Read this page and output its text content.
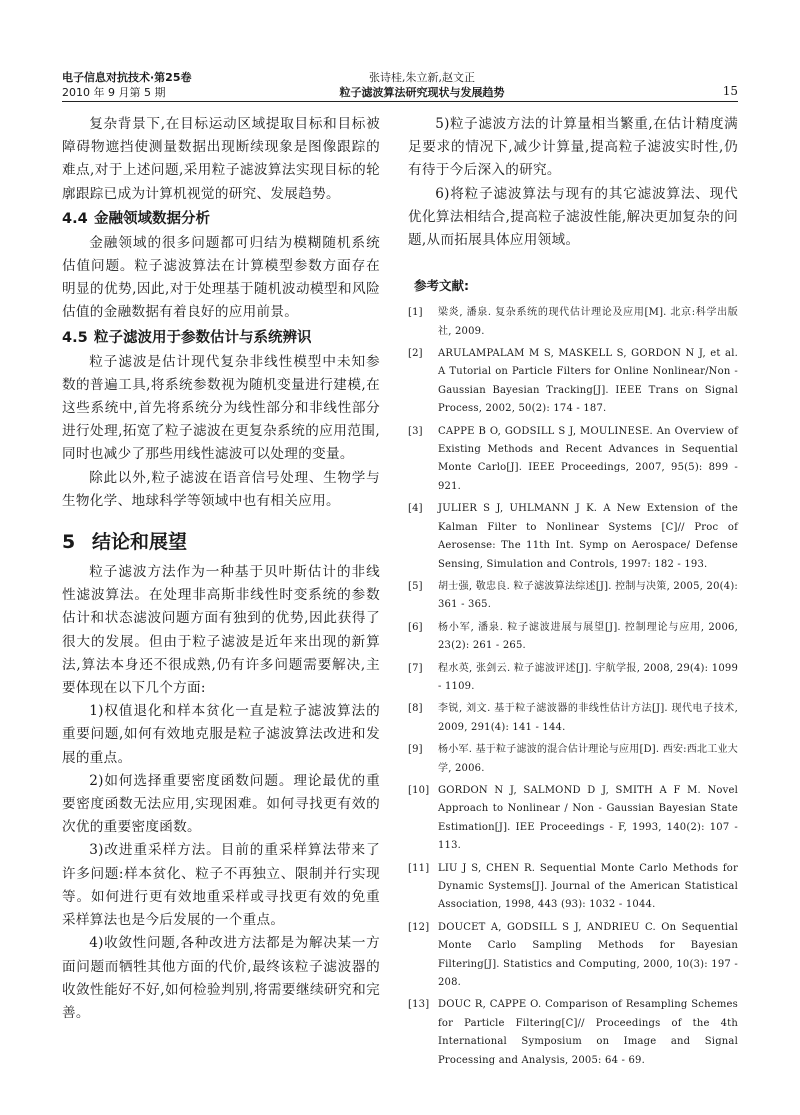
电子信息对抗技术·第25卷
2010 年 9 月第 5 期
张诗桂,朱立新,赵文正
粒子滤波算法研究现状与发展趋势	15

复杂背景下,在目标运动区域提取目标和目标被障碍物遮挡使测量数据出现断续现象是图像跟踪的难点,对于上述问题,采用粒子滤波算法实现目标的轮廓跟踪已成为计算机视觉的研究、发展趋势。

4.4 金融领域数据分析

金融领域的很多问题都可归结为模糊随机系统估值问题。粒子滤波算法在计算模型参数方面存在明显的优势,因此,对于处理基于随机波动模型和风险估值的金融数据有着良好的应用前景。

4.5 粒子滤波用于参数估计与系统辨识

粒子滤波是估计现代复杂非线性模型中未知参数的普遍工具,将系统参数视为随机变量进行建模,在这些系统中,首先将系统分为线性部分和非线性部分进行处理,拓宽了粒子滤波在更复杂系统的应用范围,同时也减少了那些用线性滤波可以处理的变量。

除此以外,粒子滤波在语音信号处理、生物学与生物化学、地球科学等领域中也有相关应用。

5 结论和展望

粒子滤波方法作为一种基于贝叶斯估计的非线性滤波算法。在处理非高斯非线性时变系统的参数估计和状态滤波问题方面有独到的优势,因此获得了很大的发展。但由于粒子滤波是近年来出现的新算法,算法本身还不很成熟,仍有许多问题需要解决,主要体现在以下几个方面:

1)权值退化和样本贫化一直是粒子滤波算法的重要问题,如何有效地克服是粒子滤波算法改进和发展的重点。

2)如何选择重要密度函数问题。理论最优的重要密度函数无法应用,实现困难。如何寻找更有效的次优的重要密度函数。

3)改进重采样方法。目前的重采样算法带来了许多问题:样本贫化、粒子不再独立、限制并行实现等。如何进行更有效地重采样或寻找更有效的免重采样算法也是今后发展的一个重点。

4)收敛性问题,各种改进方法都是为解决某一方面问题而牺牲其他方面的代价,最终该粒子滤波器的收敛性能好不好,如何检验判别,将需要继续研究和完善。

5)粒子滤波方法的计算量相当繁重,在估计精度满足要求的情况下,减少计算量,提高粒子滤波实时性,仍有待于今后深入的研究。

6)将粒子滤波算法与现有的其它滤波算法、现代优化算法相结合,提高粒子滤波性能,解决更加复杂的问题,从而拓展具体应用领域。

参考文献:
[1] 梁炎, 潘泉. 复杂系统的现代估计理论及应用[M]. 北京:科学出版社, 2009.
[2] ARULAMPALAM M S, MASKELL S, GORDON N J, et al. A Tutorial on Particle Filters for Online Nonlinear/Non - Gaussian Bayesian Tracking[J]. IEEE Trans on Signal Process, 2002, 50(2): 174 - 187.
[3] CAPPE B O, GODSILL S J, MOULINESE. An Overview of Existing Methods and Recent Advances in Sequential Monte Carlo[J]. IEEE Proceedings, 2007, 95(5): 899 - 921.
[4] JULIER S J, UHLMANN J K. A New Extension of the Kalman Filter to Nonlinear Systems [C]// Proc of Aerosense: The 11th Int. Symp on Aerospace/ Defense Sensing, Simulation and Controls, 1997: 182 - 193.
[5] 胡士强, 敬忠良. 粒子滤波算法综述[J]. 控制与决策, 2005, 20(4): 361 - 365.
[6] 杨小军, 潘泉. 粒子滤波进展与展望[J]. 控制理论与应用, 2006, 23(2): 261 - 265.
[7] 程水英, 张剑云. 粒子滤波评述[J]. 宇航学报, 2008, 29(4): 1099 - 1109.
[8] 李锐, 刘文. 基于粒子滤波器的非线性估计方法[J]. 现代电子技术, 2009, 291(4): 141 - 144.
[9] 杨小军. 基于粒子滤波的混合估计理论与应用[D]. 西安:西北工业大学, 2006.
[10] GORDON N J, SALMOND D J, SMITH A F M. Novel Approach to Nonlinear / Non - Gaussian Bayesian State Estimation[J]. IEE Proceedings - F, 1993, 140(2): 107 - 113.
[11] LIU J S, CHEN R. Sequential Monte Carlo Methods for Dynamic Systems[J]. Journal of the American Statistical Association, 1998, 443 (93): 1032 - 1044.
[12] DOUCET A, GODSILL S J, ANDRIEU C. On Sequential Monte Carlo Sampling Methods for Bayesian Filtering[J]. Statistics and Computing, 2000, 10(3): 197 - 208.
[13] DOUC R, CAPPE O. Comparison of Resampling Schemes for Particle Filtering[C]// Proceedings of the 4th International Symposium on Image and Signal Processing and Analysis, 2005: 64 - 69.
